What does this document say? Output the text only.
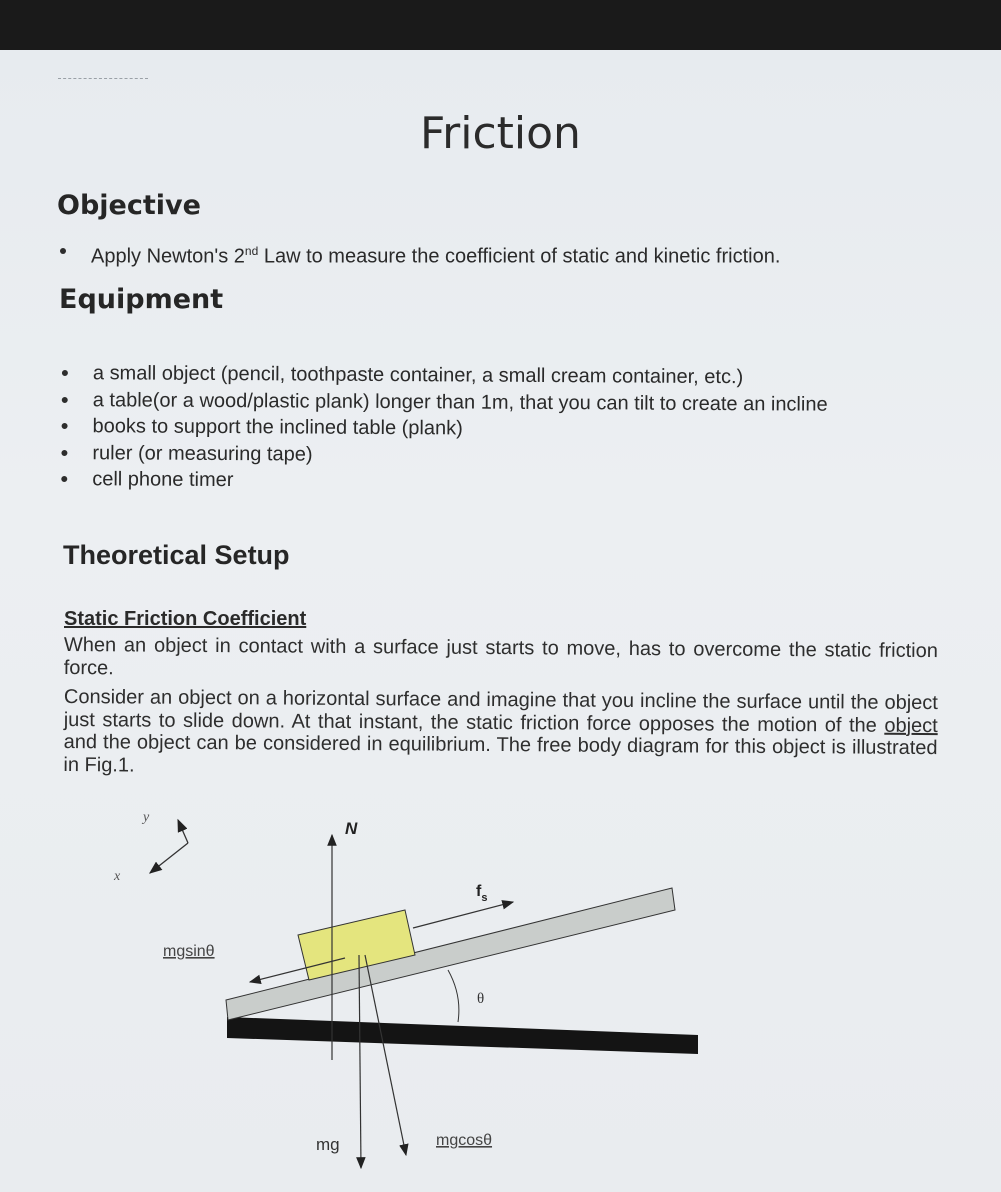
Friction
Objective
Apply Newton's 2nd Law to measure the coefficient of static and kinetic friction.
Equipment
a small object (pencil, toothpaste container, a small cream container, etc.)
a table(or a wood/plastic plank) longer than 1m, that you can tilt to create an incline
books to support the inclined table (plank)
ruler (or measuring tape)
cell phone timer
Theoretical Setup
Static Friction Coefficient
When an object in contact with a surface just starts to move, has to overcome the static friction force.
Consider an object on a horizontal surface and imagine that you incline the surface until the object just starts to slide down. At that instant, the static friction force opposes the motion of the object and the object can be considered in equilibrium. The free body diagram for this object is illustrated in Fig.1.
y
x
θ
N
$f_s$
mgsinθ
mg	mgcosθ
